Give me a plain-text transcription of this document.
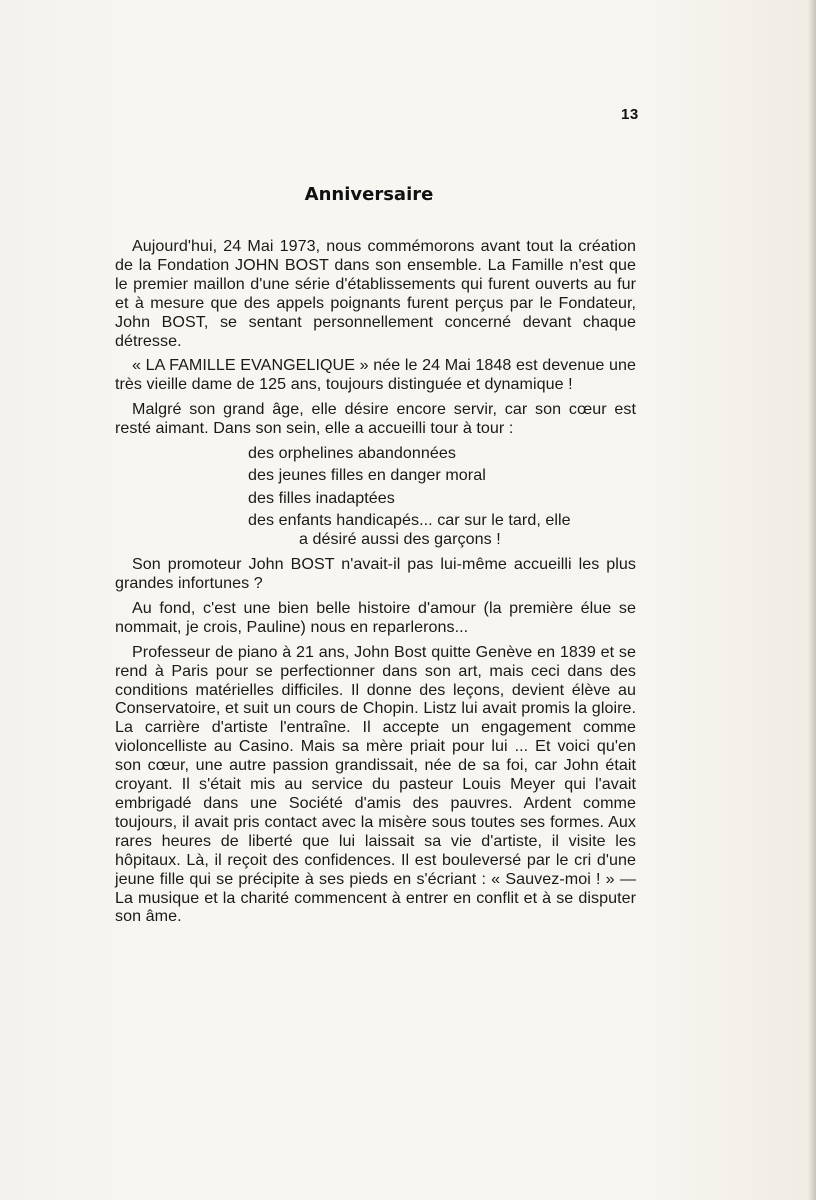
13
Anniversaire

Aujourd'hui, 24 Mai 1973, nous commémorons avant tout la création de la Fondation JOHN BOST dans son ensemble. La Famille n'est que le premier maillon d'une série d'établissements qui furent ouverts au fur et à mesure que des appels poignants furent perçus par le Fondateur, John BOST, se sentant personnellement concerné devant chaque détresse.

« LA FAMILLE EVANGELIQUE » née le 24 Mai 1848 est devenue une très vieille dame de 125 ans, toujours distinguée et dynamique !

Malgré son grand âge, elle désire encore servir, car son cœur est resté aimant. Dans son sein, elle a accueilli tour à tour :

des orphelines abandonnées
des jeunes filles en danger moral
des filles inadaptées
des enfants handicapés... car sur le tard, elle
a désiré aussi des garçons !

Son promoteur John BOST n'avait-il pas lui-même accueilli les plus grandes infortunes ?

Au fond, c'est une bien belle histoire d'amour (la première élue se nommait, je crois, Pauline) nous en reparlerons...

Professeur de piano à 21 ans, John Bost quitte Genève en 1839 et se rend à Paris pour se perfectionner dans son art, mais ceci dans des conditions matérielles difficiles. Il donne des leçons, devient élève au Conservatoire, et suit un cours de Chopin. Listz lui avait promis la gloire. La carrière d'artiste l'entraîne. Il accepte un engagement comme violoncelliste au Casino. Mais sa mère priait pour lui ... Et voici qu'en son cœur, une autre passion grandissait, née de sa foi, car John était croyant. Il s'était mis au service du pasteur Louis Meyer qui l'avait embrigadé dans une Société d'amis des pauvres. Ardent comme toujours, il avait pris contact avec la misère sous toutes ses formes. Aux rares heures de liberté que lui laissait sa vie d'artiste, il visite les hôpitaux. Là, il reçoit des confidences. Il est bouleversé par le cri d'une jeune fille qui se précipite à ses pieds en s'écriant : « Sauvez-moi ! » — La musique et la charité commencent à entrer en conflit et à se disputer son âme.
